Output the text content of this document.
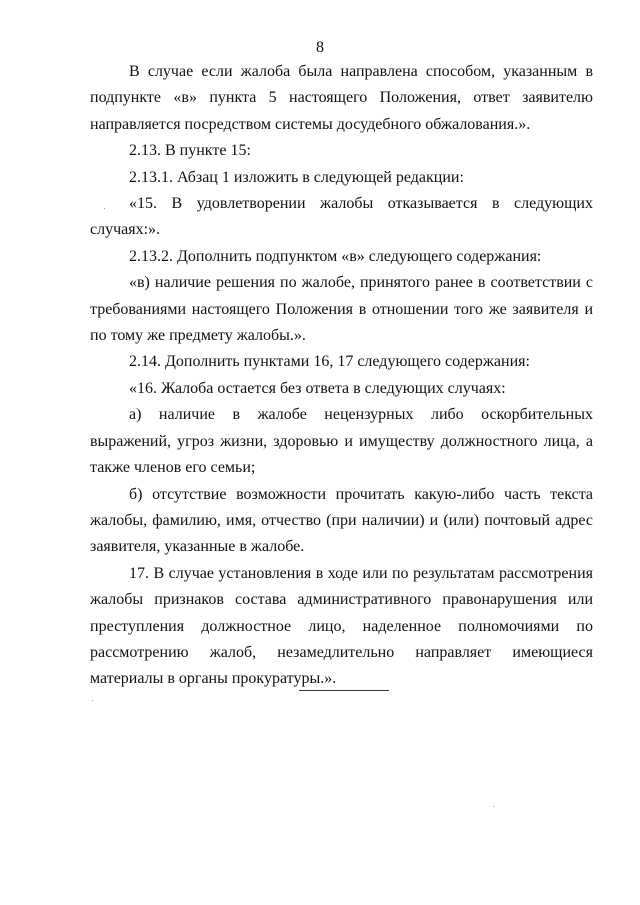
8

В случае если жалоба была направлена способом, указанным в подпункте «в» пункта 5 настоящего Положения, ответ заявителю направляется посредством системы досудебного обжалования.».

2.13. В пункте 15:

2.13.1. Абзац 1 изложить в следующей редакции:

«15. В удовлетворении жалобы отказывается в следующих случаях:».

2.13.2. Дополнить подпунктом «в» следующего содержания:

«в) наличие решения по жалобе, принятого ранее в соответствии с требованиями настоящего Положения в отношении того же заявителя и по тому же предмету жалобы.».

2.14. Дополнить пунктами 16, 17 следующего содержания:

«16. Жалоба остается без ответа в следующих случаях:

а) наличие в жалобе нецензурных либо оскорбительных выражений, угроз жизни, здоровью и имуществу должностного лица, а также членов его семьи;

б) отсутствие возможности прочитать какую-либо часть текста жалобы, фамилию, имя, отчество (при наличии) и (или) почтовый адрес заявителя, указанные в жалобе.

17. В случае установления в ходе или по результатам рассмотрения жалобы признаков состава административного правонарушения или преступления должностное лицо, наделенное полномочиями по рассмотрению жалоб, незамедлительно направляет имеющиеся материалы в органы прокуратуры.».
